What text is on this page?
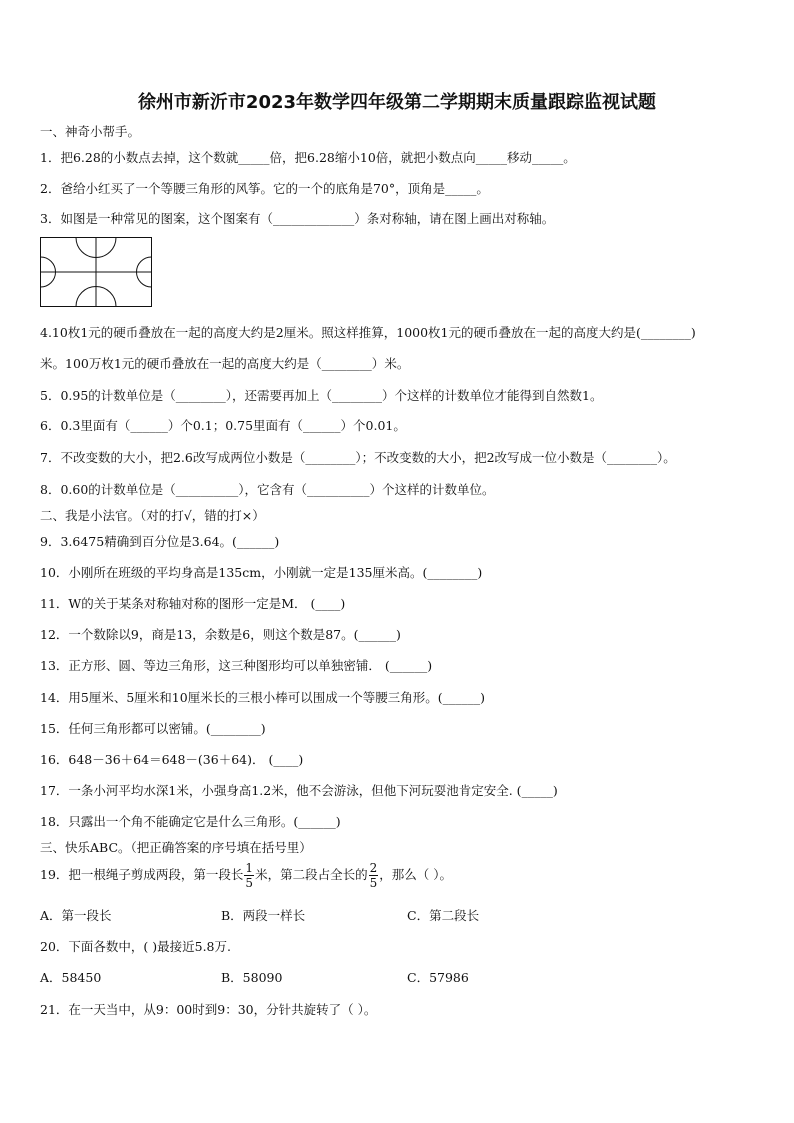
徐州市新沂市2023年数学四年级第二学期期末质量跟踪监视试题
一、神奇小帮手。
1．把6.28的小数点去掉，这个数就_____倍，把6.28缩小10倍，就把小数点向_____移动_____。
2．爸给小红买了一个等腰三角形的风筝。它的一个的底角是70°，顶角是_____。
3．如图是一种常见的图案，这个图案有（_____________）条对称轴，请在图上画出对称轴。
4.10枚1元的硬币叠放在一起的高度大约是2厘米。照这样推算，1000枚1元的硬币叠放在一起的高度大约是(________)
米。100万枚1元的硬币叠放在一起的高度大约是（________）米。
5．0.95的计数单位是（________），还需要再加上（________）个这样的计数单位才能得到自然数1。
6．0.3里面有（______）个0.1；0.75里面有（______）个0.01。
7．不改变数的大小，把2.6改写成两位小数是（________）；不改变数的大小，把2改写成一位小数是（________）。
8．0.60的计数单位是（__________），它含有（__________）个这样的计数单位。
二、我是小法官。（对的打√，错的打×）
9．3.6475精确到百分位是3.64。(______)
10．小刚所在班级的平均身高是135cm，小刚就一定是135厘米高。(________)
11．W的关于某条对称轴对称的图形一定是M． (____)
12．一个数除以9，商是13，余数是6，则这个数是87。(______)
13．正方形、圆、等边三角形，这三种图形均可以单独密铺． (______)
14．用5厘米、5厘米和10厘米长的三根小棒可以围成一个等腰三角形。(______)
15．任何三角形都可以密铺。(________)
16．648－36＋64＝648－(36＋64)． (____)
17．一条小河平均水深1米，小强身高1.2米，他不会游泳，但他下河玩耍池肯定安全. (_____)
18．只露出一个角不能确定它是什么三角形。(______)
三、快乐ABC。（把正确答案的序号填在括号里）
19．把一根绳子剪成两段，第一段长 $\frac{1}{5}$ 米，第二段占全长的 $\frac{2}{5}$ ，那么（ ）。
A．第一段长	B．两段一样长	C．第二段长
20．下面各数中，( )最接近5.8万.
A．58450	B．58090	C．57986
21．在一天当中，从9：00时到9：30，分针共旋转了（ ）。
